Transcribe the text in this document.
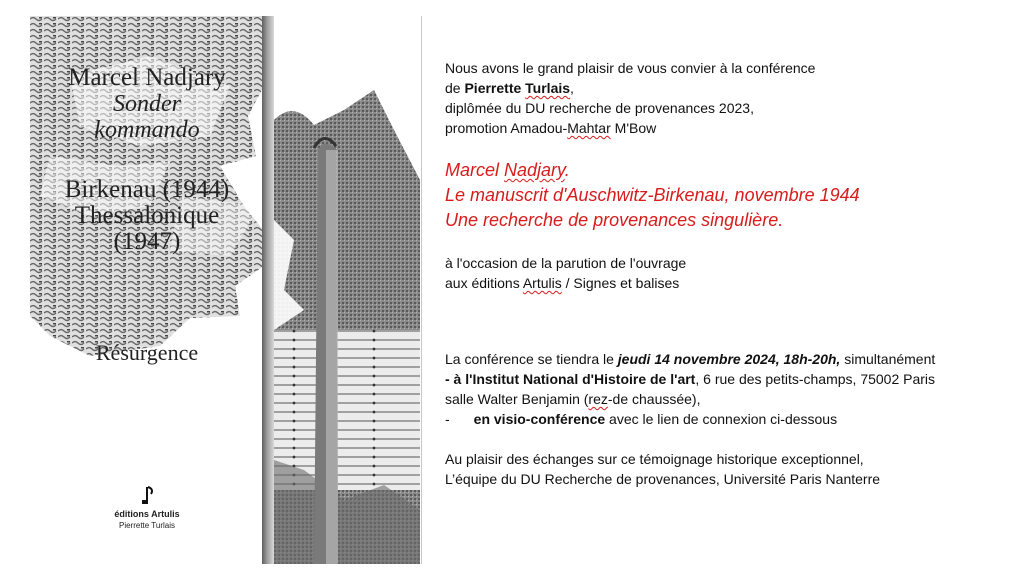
Marcel Nadjary
Sonder
kommando
Birkenau (1944)
Thessalonique
(1947)
Résurgence
éditions Artulis
Pierrette Turlais

Nous avons le grand plaisir de vous convier à la conférence

de Pierrette Turlais,

diplômée du DU recherche de provenances 2023,

promotion Amadou-Mahtar M'Bow

Marcel Nadjary.

Le manuscrit d'Auschwitz-Birkenau, novembre 1944

Une recherche de provenances singulière.

à l'occasion de la parution de l'ouvrage

aux éditions Artulis / Signes et balises

La conférence se tiendra le jeudi 14 novembre 2024, 18h-20h, simultanément

- à l'Institut National d'Histoire de l'art, 6 rue des petits-champs, 75002 Paris

salle Walter Benjamin (rez-de chaussée),

- en visio-conférence avec le lien de connexion ci-dessous

Au plaisir des échanges sur ce témoignage historique exceptionnel,

L’équipe du DU Recherche de provenances, Université Paris Nanterre
